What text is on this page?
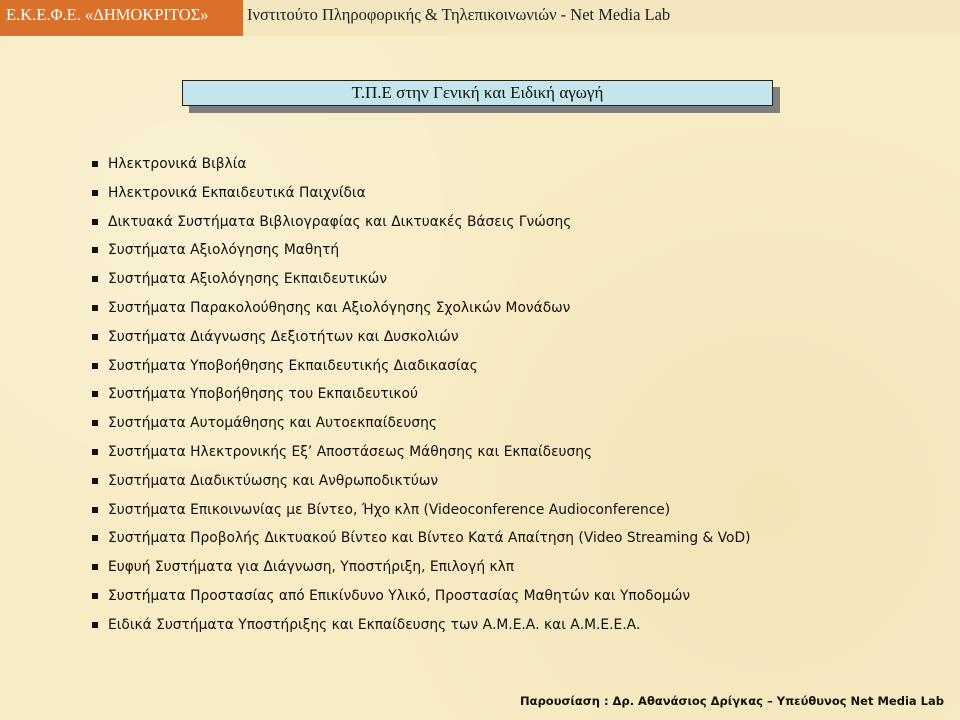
Ε.Κ.Ε.Φ.Ε. «ΔΗΜΟΚΡΙΤΟΣ»	Ινστιτούτο Πληροφορικής & Τηλεπικοινωνιών - Net Media Lab
Τ.Π.Ε στην Γενική και Ειδική αγωγή
Ηλεκτρονικά Βιβλία
Ηλεκτρονικά Εκπαιδευτικά Παιχνίδια
Δικτυακά Συστήματα Βιβλιογραφίας και Δικτυακές Βάσεις Γνώσης
Συστήματα Αξιολόγησης Μαθητή
Συστήματα Αξιολόγησης Εκπαιδευτικών
Συστήματα Παρακολούθησης και Αξιολόγησης Σχολικών Μονάδων
Συστήματα Διάγνωσης Δεξιοτήτων και Δυσκολιών
Συστήματα Υποβοήθησης Εκπαιδευτικής Διαδικασίας
Συστήματα Υποβοήθησης του Εκπαιδευτικού
Συστήματα Αυτομάθησης και Αυτοεκπαίδευσης
Συστήματα Ηλεκτρονικής Εξ’ Αποστάσεως Μάθησης και Εκπαίδευσης
Συστήματα Διαδικτύωσης και Ανθρωποδικτύων
Συστήματα Επικοινωνίας με Βίντεο, Ήχο κλπ (Videoconference Audioconference)
Συστήματα Προβολής Δικτυακού Βίντεο και Βίντεο Κατά Απαίτηση (Video Streaming & VoD)
Ευφυή Συστήματα για Διάγνωση, Υποστήριξη, Επιλογή κλπ
Συστήματα Προστασίας από Επικίνδυνο Υλικό, Προστασίας Μαθητών και Υποδομών
Ειδικά Συστήματα Υποστήριξης και Εκπαίδευσης των Α.Μ.Ε.Α. και Α.Μ.Ε.Ε.Α.
Παρουσίαση : Δρ. Αθανάσιος Δρίγκας – Υπεύθυνος Net Media Lab
